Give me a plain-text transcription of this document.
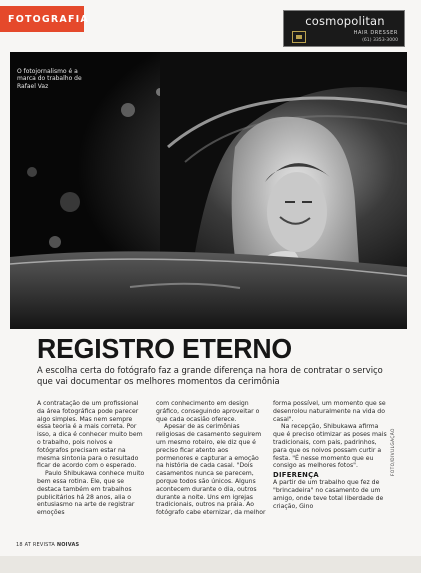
FOTOGRAFIA	cosmopolitan
HAIR DRESSER
(61) 3353-3000
O fotojornalismo é a marca do trabalho de Rafael Vaz
REGISTRO ETERNO
A escolha certa do fotógrafo faz a grande diferença na hora de contratar o serviço que vai documentar os melhores momentos da cerimônia

A contratação de um profissional da área fotográfica pode parecer algo simples. Mas nem sempre essa teoria é a mais correta. Por isso, a dica é conhecer muito bem o trabalho, pois noivos e fotógrafos precisam estar na mesma sintonia para o resultado ficar de acordo com o esperado.

Paulo Shibukawa conhece muito bem essa rotina. Ele, que se destaca também em trabalhos publicitários há 28 anos, alia o entusiasmo na arte de registrar emoções

com conhecimento em design gráfico, conseguindo aproveitar o que cada ocasião oferece.

Apesar de as cerimônias religiosas de casamento seguirem um mesmo roteiro, ele diz que é preciso ficar atento aos pormenores e capturar a emoção na história de cada casal. "Dois casamentos nunca se parecem, porque todos são únicos. Alguns acontecem durante o dia, outros durante a noite. Uns em igrejas tradicionais, outros na praia. Ao fotógrafo cabe eternizar, da melhor

forma possível, um momento que se desenrolou naturalmente na vida do casal".

Na recepção, Shibukawa afirma que é preciso otimizar as poses mais tradicionais, com pais, padrinhos, para que os noivos possam curtir a festa. "É nesse momento que eu consigo as melhores fotos".

DIFERENÇA

A partir de um trabalho que fez de "brincadeira" no casamento de um amigo, onde teve total liberdade de criação, Gino

FOTO/DIVULGAÇÃO
18 AT REVISTA NOIVAS
